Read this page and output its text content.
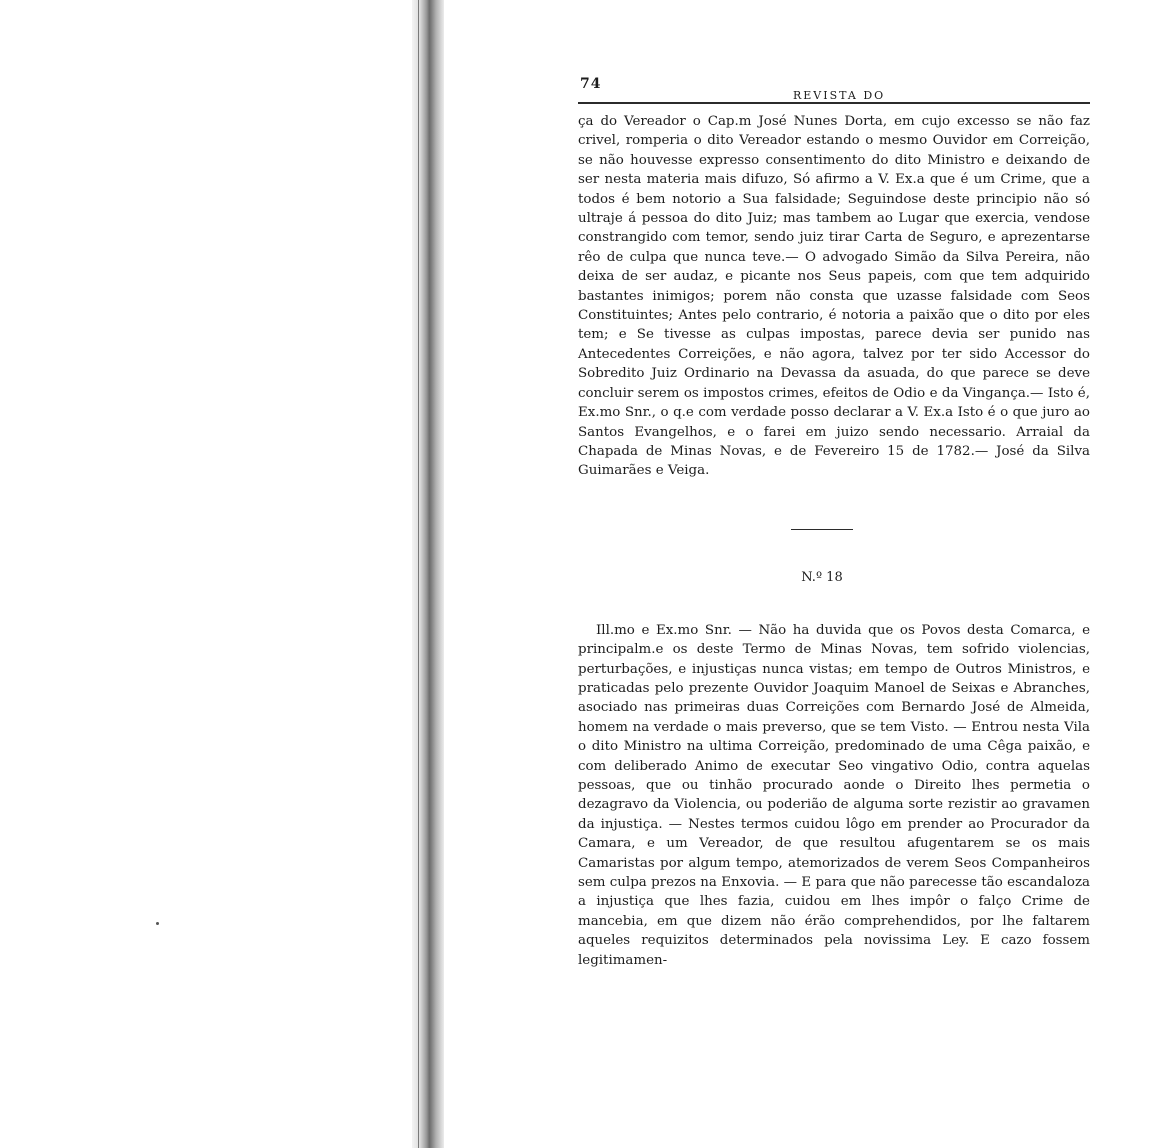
74
REVISTA DO

ça do Vereador o Cap.m José Nunes Dorta, em cujo excesso se não faz crivel, romperia o dito Vereador estando o mesmo Ouvidor em Correição, se não houvesse expresso consentimento do dito Ministro e deixando de ser nesta materia mais difuzo, Só afirmo a V. Ex.a que é um Crime, que a todos é bem notorio a Sua falsidade; Seguindose deste principio não só ultraje á pessoa do dito Juiz; mas tambem ao Lugar que exercia, vendose constrangido com temor, sendo juiz tirar Carta de Seguro, e aprezentarse rêo de culpa que nunca teve.— O advogado Simão da Silva Pereira, não deixa de ser audaz, e picante nos Seus papeis, com que tem adquirido bastantes inimigos; porem não consta que uzasse falsidade com Seos Constituintes; Antes pelo contrario, é notoria a paixão que o dito por eles tem; e Se tivesse as culpas impostas, parece devia ser punido nas Antecedentes Correições, e não agora, talvez por ter sido Accessor do Sobredito Juiz Ordinario na Devassa da asuada, do que parece se deve concluir serem os impostos crimes, efeitos de Odio e da Vingança.— Isto é, Ex.mo Snr., o q.e com verdade posso declarar a V. Ex.a Isto é o que juro ao Santos Evangelhos, e o farei em juizo sendo necessario. Arraial da Chapada de Minas Novas, e de Fevereiro 15 de 1782.— José da Silva Guimarães e Veiga.

N.º 18

Ill.mo e Ex.mo Snr. — Não ha duvida que os Povos desta Comarca, e principalm.e os deste Termo de Minas Novas, tem sofrido violencias, perturbações, e injustiças nunca vistas; em tempo de Outros Ministros, e praticadas pelo prezente Ouvidor Joaquim Manoel de Seixas e Abranches, asociado nas primeiras duas Correições com Bernardo José de Almeida, homem na verdade o mais preverso, que se tem Visto. — Entrou nesta Vila o dito Ministro na ultima Correição, predominado de uma Cêga paixão, e com deliberado Animo de executar Seo vingativo Odio, contra aquelas pessoas, que ou tinhão procurado aonde o Direito lhes permetia o dezagravo da Violencia, ou poderião de alguma sorte rezistir ao gravamen da injustiça. — Nestes termos cuidou lôgo em prender ao Procurador da Camara, e um Vereador, de que resultou afugentarem se os mais Camaristas por algum tempo, atemorizados de verem Seos Companheiros sem culpa prezos na Enxovia. — E para que não parecesse tão escandaloza a injustiça que lhes fazia, cuidou em lhes impôr o falço Crime de mancebia, em que dizem não érão comprehendidos, por lhe faltarem aqueles requizitos determinados pela novissima Ley. E cazo fossem legitimamen-
